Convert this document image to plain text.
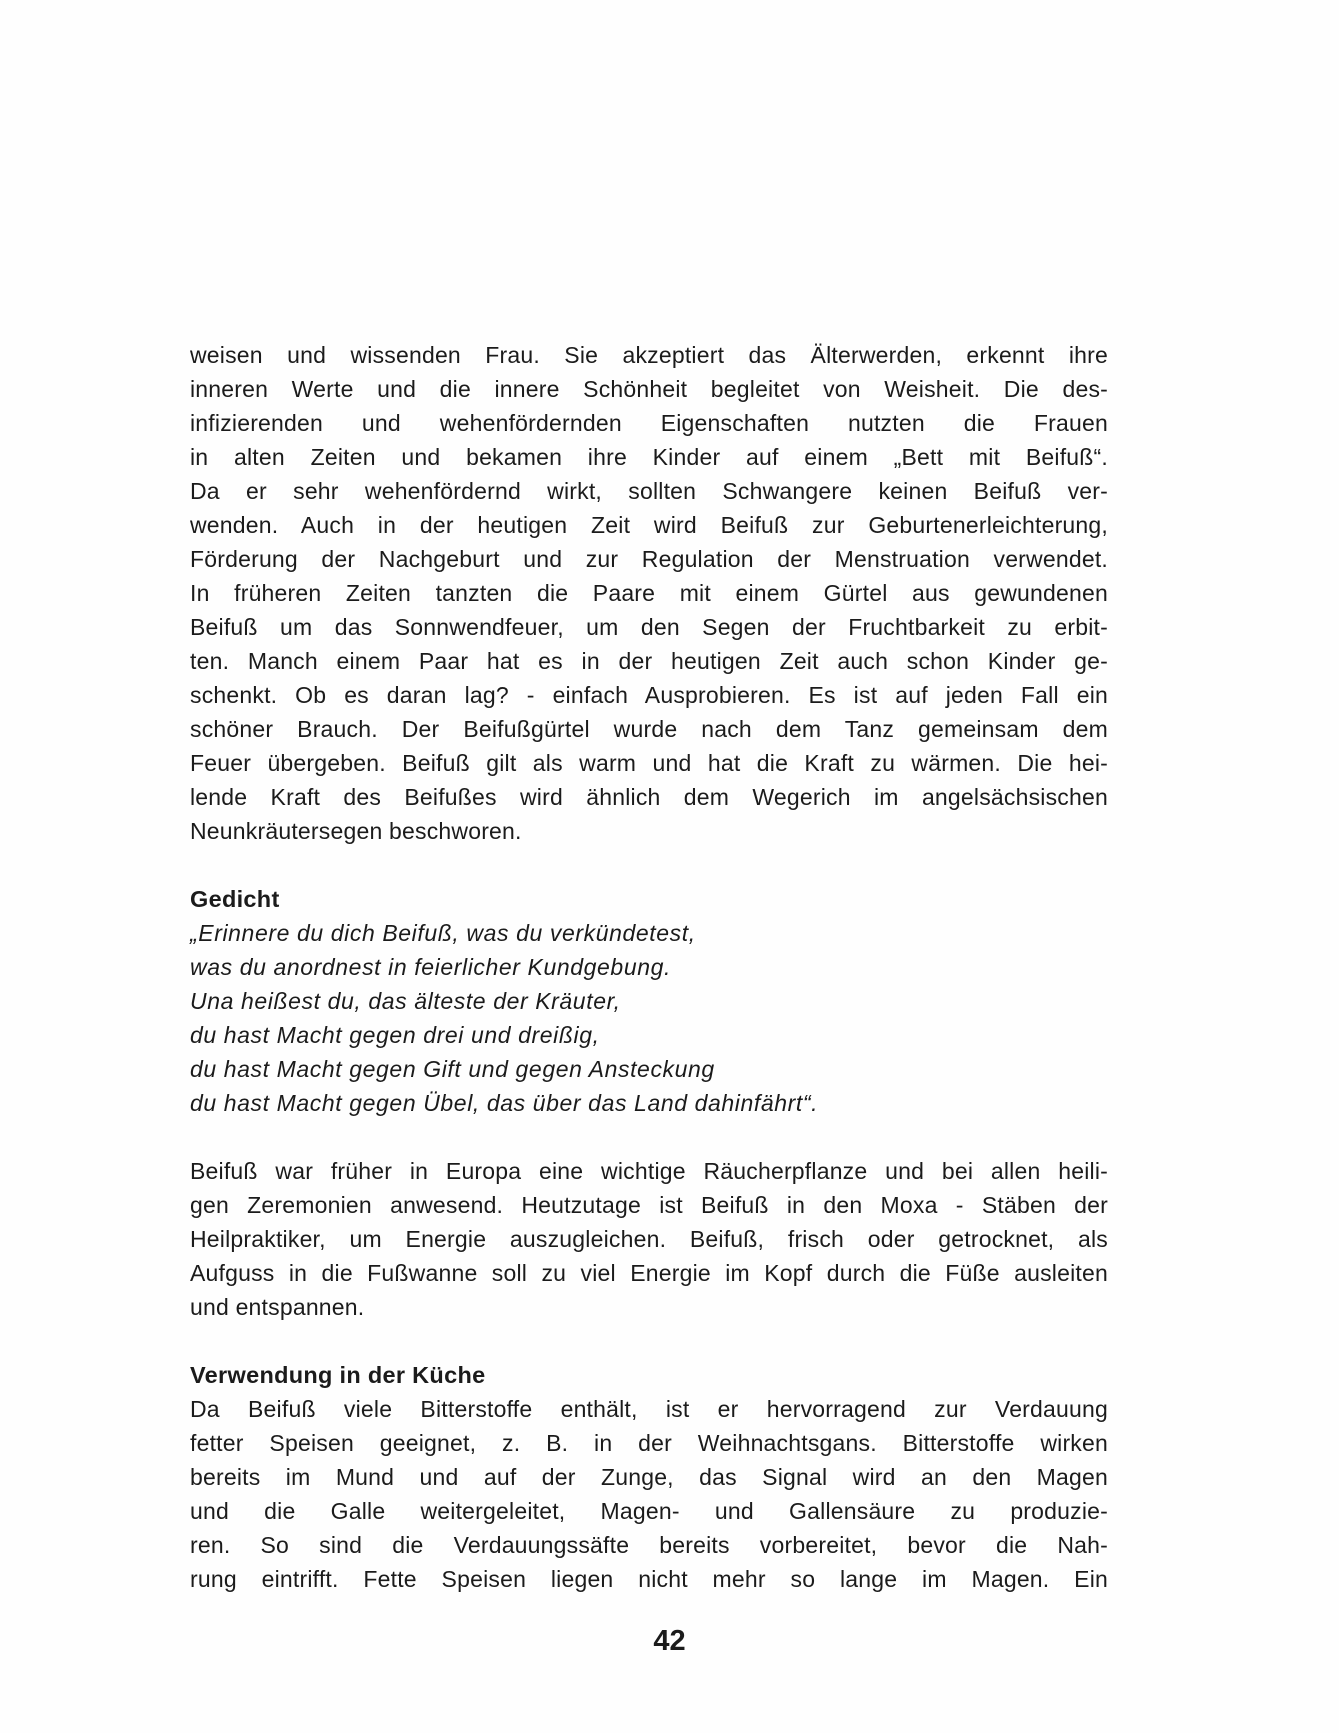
weisen und wissenden Frau. Sie akzeptiert das Älterwerden, erkennt ihre
inneren Werte und die innere Schönheit begleitet von Weisheit. Die des-
infizierenden und wehenfördernden Eigenschaften nutzten die Frauen
in alten Zeiten und bekamen ihre Kinder auf einem „Bett mit Beifuß“.
Da er sehr wehenfördernd wirkt, sollten Schwangere keinen Beifuß ver-
wenden. Auch in der heutigen Zeit wird Beifuß zur Geburtenerleichterung,
Förderung der Nachgeburt und zur Regulation der Menstruation verwendet.
In früheren Zeiten tanzten die Paare mit einem Gürtel aus gewundenen
Beifuß um das Sonnwendfeuer, um den Segen der Fruchtbarkeit zu erbit-
ten. Manch einem Paar hat es in der heutigen Zeit auch schon Kinder ge-
schenkt. Ob es daran lag? - einfach Ausprobieren. Es ist auf jeden Fall ein
schöner Brauch. Der Beifußgürtel wurde nach dem Tanz gemeinsam dem
Feuer übergeben. Beifuß gilt als warm und hat die Kraft zu wärmen. Die hei-
lende Kraft des Beifußes wird ähnlich dem Wegerich im angelsächsischen
Neunkräutersegen beschworen.
Gedicht
„Erinnere du dich Beifuß, was du verkündetest,
was du anordnest in feierlicher Kundgebung.
Una heißest du, das älteste der Kräuter,
du hast Macht gegen drei und dreißig,
du hast Macht gegen Gift und gegen Ansteckung
du hast Macht gegen Übel, das über das Land dahinfährt“.
Beifuß war früher in Europa eine wichtige Räucherpflanze und bei allen heili-
gen Zeremonien anwesend. Heutzutage ist Beifuß in den Moxa - Stäben der
Heilpraktiker, um Energie auszugleichen. Beifuß, frisch oder getrocknet, als
Aufguss in die Fußwanne soll zu viel Energie im Kopf durch die Füße ausleiten
und entspannen.
Verwendung in der Küche
Da Beifuß viele Bitterstoffe enthält, ist er hervorragend zur Verdauung
fetter Speisen geeignet, z. B. in der Weihnachtsgans. Bitterstoffe wirken
bereits im Mund und auf der Zunge, das Signal wird an den Magen
und die Galle weitergeleitet, Magen- und Gallensäure zu produzie-
ren. So sind die Verdauungssäfte bereits vorbereitet, bevor die Nah-
rung eintrifft. Fette Speisen liegen nicht mehr so lange im Magen. Ein
42
